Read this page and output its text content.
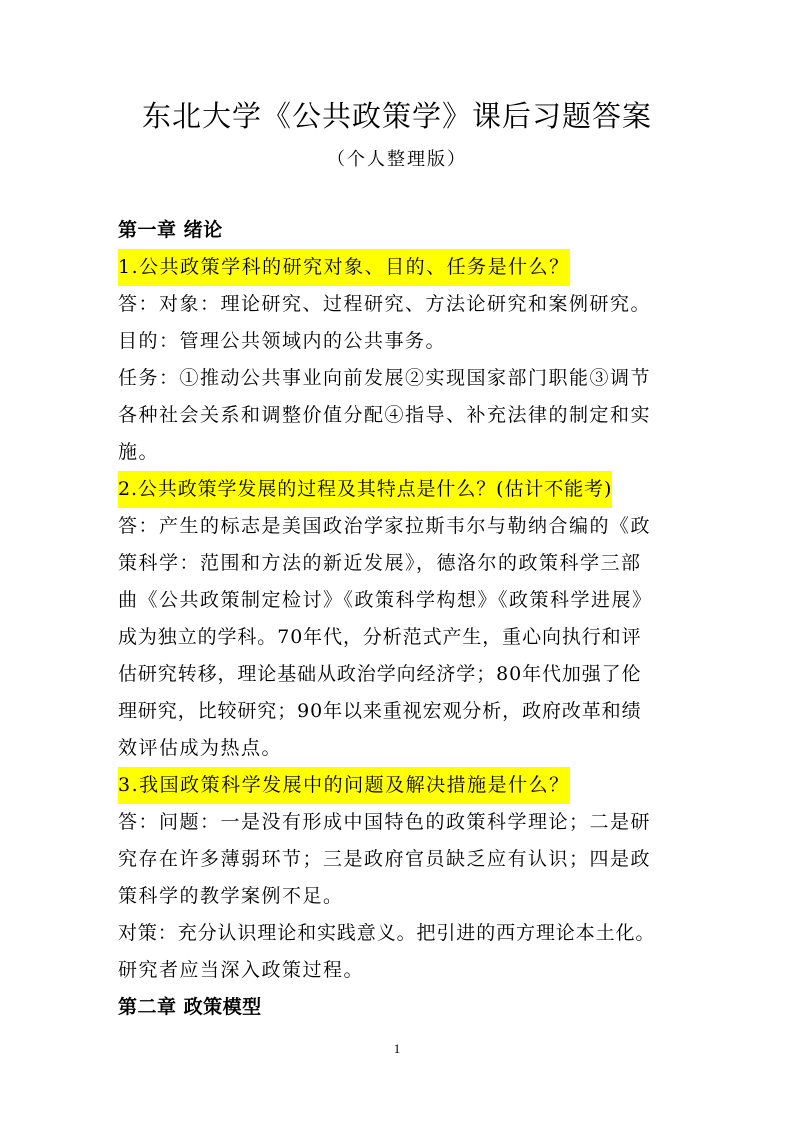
东北大学《公共政策学》课后习题答案
（个人整理版）
第一章 绪论
1.公共政策学科的研究对象、目的、任务是什么？
答：对象：理论研究、过程研究、方法论研究和案例研究。
目的：管理公共领域内的公共事务。
任务：①推动公共事业向前发展②实现国家部门职能③调节
各种社会关系和调整价值分配④指导、补充法律的制定和实
施。
2.公共政策学发展的过程及其特点是什么？(估计不能考)
答：产生的标志是美国政治学家拉斯韦尔与勒纳合编的《政
策科学：范围和方法的新近发展》，德洛尔的政策科学三部
曲《公共政策制定检讨》《政策科学构想》《政策科学进展》
成为独立的学科。70年代，分析范式产生，重心向执行和评
估研究转移，理论基础从政治学向经济学；80年代加强了伦
理研究，比较研究；90年以来重视宏观分析，政府改革和绩
效评估成为热点。
3.我国政策科学发展中的问题及解决措施是什么？
答：问题：一是没有形成中国特色的政策科学理论；二是研
究存在许多薄弱环节；三是政府官员缺乏应有认识；四是政
策科学的教学案例不足。
对策：充分认识理论和实践意义。把引进的西方理论本土化。
研究者应当深入政策过程。
第二章 政策模型
1
